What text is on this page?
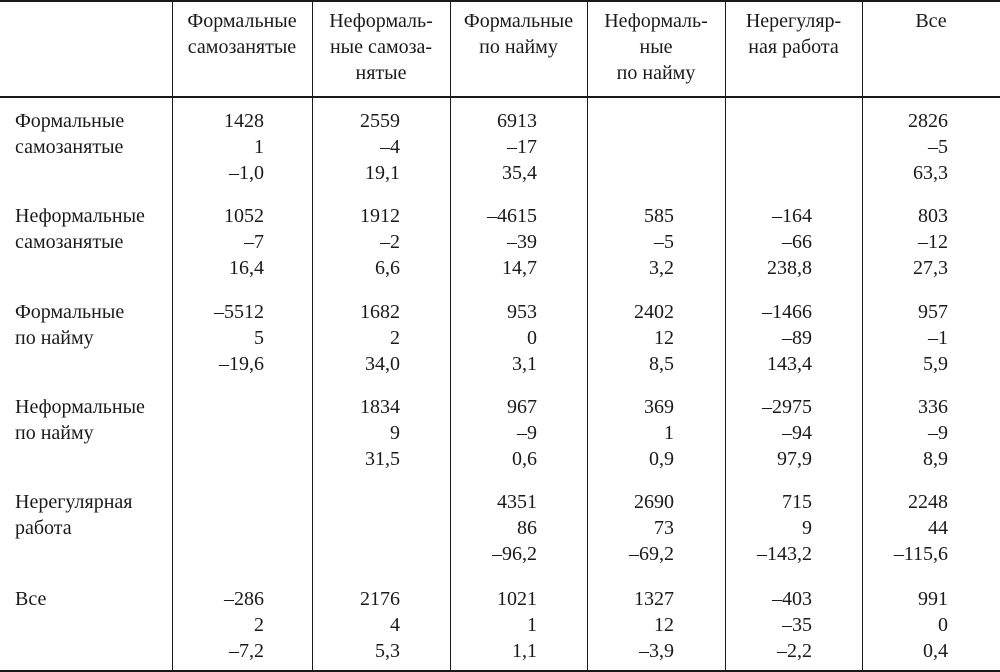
Формальные
самозанятые
Неформаль-
ные самоза-
нятые
Формальные
по найму
Неформаль-
ные
по найму
Нерегуляр-
ная работа
Все
Формальные
самозанятые
1428
1
–1,0
2559
–4
19,1
6913
–17
35,4
2826
–5
63,3
Неформальные
самозанятые
1052
–7
16,4
1912
–2
6,6
–4615
–39
14,7
585
–5
3,2
–164
–66
238,8
803
–12
27,3
Формальные
по найму
–5512
5
–19,6
1682
2
34,0
953
0
3,1
2402
12
8,5
–1466
–89
143,4
957
–1
5,9
Неформальные
по найму
1834
9
31,5
967
–9
0,6
369
1
0,9
–2975
–94
97,9
336
–9
8,9
Нерегулярная
работа
4351
86
–96,2
2690
73
–69,2
715
9
–143,2
2248
44
–115,6
Все	–286
2
–7,2
2176
4
5,3
1021
1
1,1
1327
12
–3,9
–403
–35
–2,2
991
0
0,4
